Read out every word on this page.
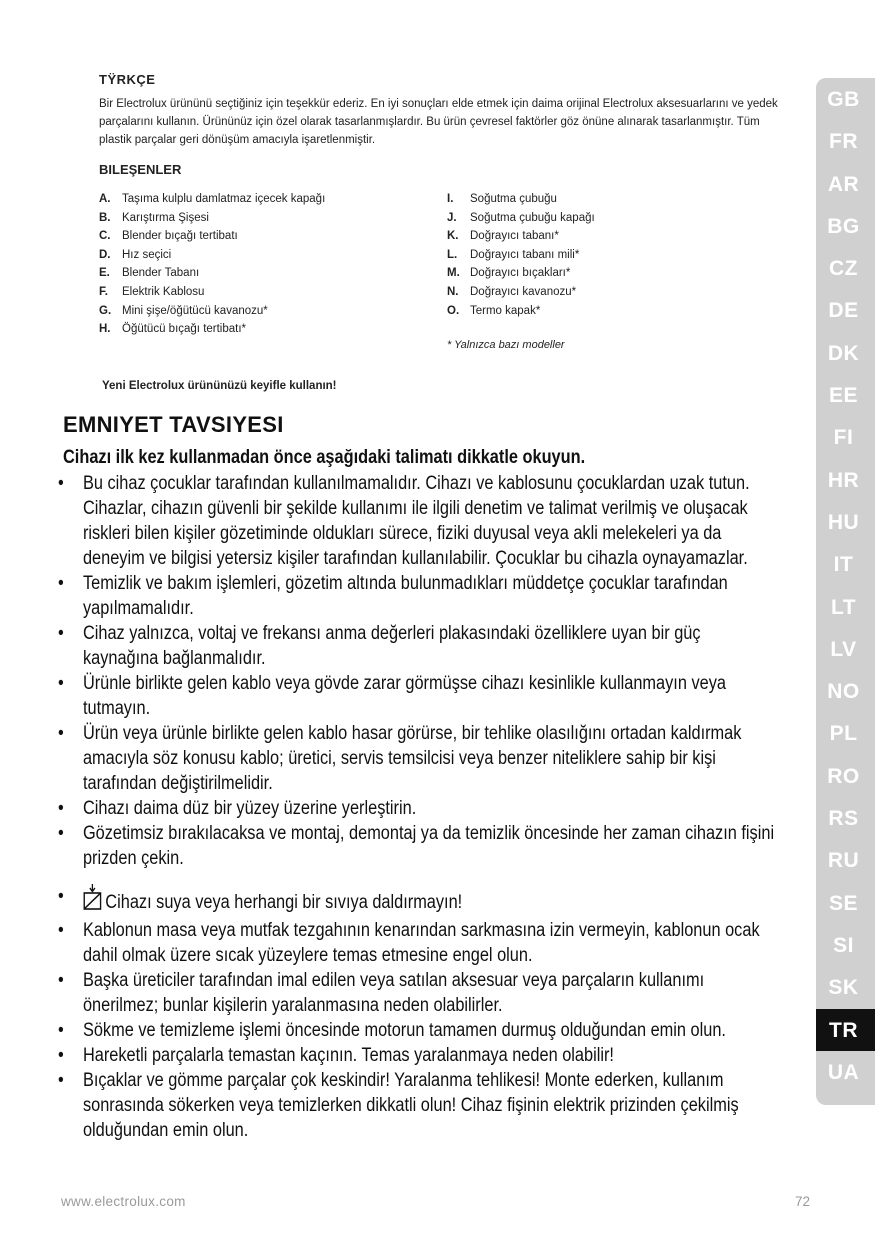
TŸRKÇE
Bir Electrolux ürününü seçtiğiniz için teşekkür ederiz. En iyi sonuçları elde etmek için daima orijinal Electrolux aksesuarlarını ve yedek parçalarını kullanın. Ürününüz için özel olarak tasarlanmışlardır. Bu ürün çevresel faktörler göz önüne alınarak tasarlanmıştır. Tüm plastik parçalar geri dönüşüm amacıyla işaretlenmiştir.
BILEŞENLER
A. Taşıma kulplu damlatmaz içecek kapağı
B. Karıştırma Şişesi
C. Blender bıçağı tertibatı
D. Hız seçici
E. Blender Tabanı
F. Elektrik Kablosu
G. Mini şişe/öğütücü kavanozu*
H. Öğütücü bıçağı tertibatı*
I. Soğutma çubuğu
J. Soğutma çubuğu kapağı
K. Doğrayıcı tabanı*
L. Doğrayıcı tabanı mili*
M. Doğrayıcı bıçakları*
N. Doğrayıcı kavanozu*
O. Termo kapak*
* Yalnızca bazı modeller
Yeni Electrolux ürününüzü keyifle kullanın!
EMNIYET TAVSIYESI
Cihazı ilk kez kullanmadan önce aşağıdaki talimatı dikkatle okuyun.
• Bu cihaz çocuklar tarafından kullanılmamalıdır. Cihazı ve kablosunu çocuklardan uzak tutun. Cihazlar, cihazın güvenli bir şekilde kullanımı ile ilgili denetim ve talimat verilmiş ve oluşacak riskleri bilen kişiler gözetiminde oldukları sürece, fiziki duyusal veya akli melekeleri ya da deneyim ve bilgisi yetersiz kişiler tarafından kullanılabilir. Çocuklar bu cihazla oynayamazlar.
• Temizlik ve bakım işlemleri, gözetim altında bulunmadıkları müddetçe çocuklar tarafından yapılmamalıdır.
• Cihaz yalnızca, voltaj ve frekansı anma değerleri plakasındaki özelliklere uyan bir güç kaynağına bağlanmalıdır.
• Ürünle birlikte gelen kablo veya gövde zarar görmüşse cihazı kesinlikle kullanmayın veya tutmayın.
• Ürün veya ürünle birlikte gelen kablo hasar görürse, bir tehlike olasılığını ortadan kaldırmak amacıyla söz konusu kablo; üretici, servis temsilcisi veya benzer niteliklere sahip bir kişi tarafından değiştirilmelidir.
• Cihazı daima düz bir yüzey üzerine yerleştirin.
• Gözetimsiz bırakılacaksa ve montaj, demontaj ya da temizlik öncesinde her zaman cihazın fişini prizden çekin.
• Cihazı suya veya herhangi bir sıvıya daldırmayın!
• Kablonun masa veya mutfak tezgahının kenarından sarkmasına izin vermeyin, kablonun ocak dahil olmak üzere sıcak yüzeylere temas etmesine engel olun.
• Başka üreticiler tarafından imal edilen veya satılan aksesuar veya parçaların kullanımı önerilmez; bunlar kişilerin yaralanmasına neden olabilirler.
• Sökme ve temizleme işlemi öncesinde motorun tamamen durmuş olduğundan emin olun.
• Hareketli parçalarla temastan kaçının. Temas yaralanmaya neden olabilir!
• Bıçaklar ve gömme parçalar çok keskindir! Yaralanma tehlikesi! Monte ederken, kullanım sonrasında sökerken veya temizlerken dikkatli olun! Cihaz fişinin elektrik prizinden çekilmiş olduğundan emin olun.
www.electrolux.com	72
GB
FR
AR
BG
CZ
DE
DK
EE
FI
HR
HU
IT
LT
LV
NO
PL
RO
RS
RU
SE
SI
SK
TR
UA
